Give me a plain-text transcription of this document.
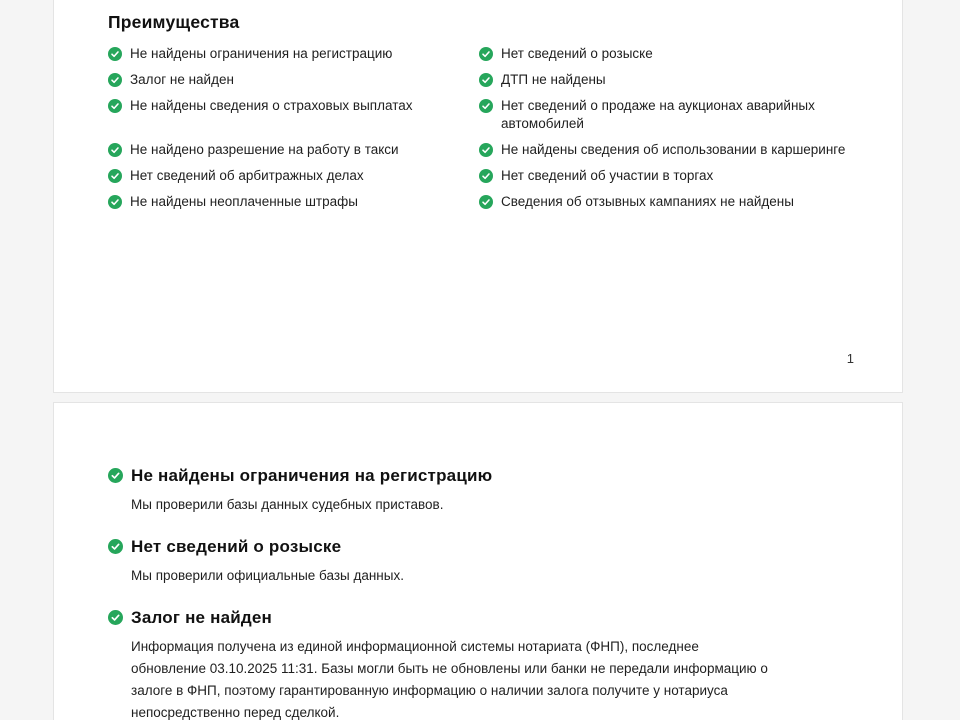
Преимущества
Не найдены ограничения на регистрацию	Нет сведений о розыске
Залог не найден	ДТП не найдены
Не найдены сведения о страховых выплатах	Нет сведений о продаже на аукционах аварийных автомобилей
Не найдено разрешение на работу в такси	Не найдены сведения об использовании в каршеринге
Нет сведений об арбитражных делах	Нет сведений об участии в торгах
Не найдены неоплаченные штрафы	Сведения об отзывных кампаниях не найдены
1
Не найдены ограничения на регистрацию
Мы проверили базы данных судебных приставов.
Нет сведений о розыске
Мы проверили официальные базы данных.
Залог не найден
Информация получена из единой информационной системы нотариата (ФНП), последнее
обновление 03.10.2025 11:31. Базы могли быть не обновлены или банки не передали информацию о
залоге в ФНП, поэтому гарантированную информацию о наличии залога получите у нотариуса
непосредственно перед сделкой.
